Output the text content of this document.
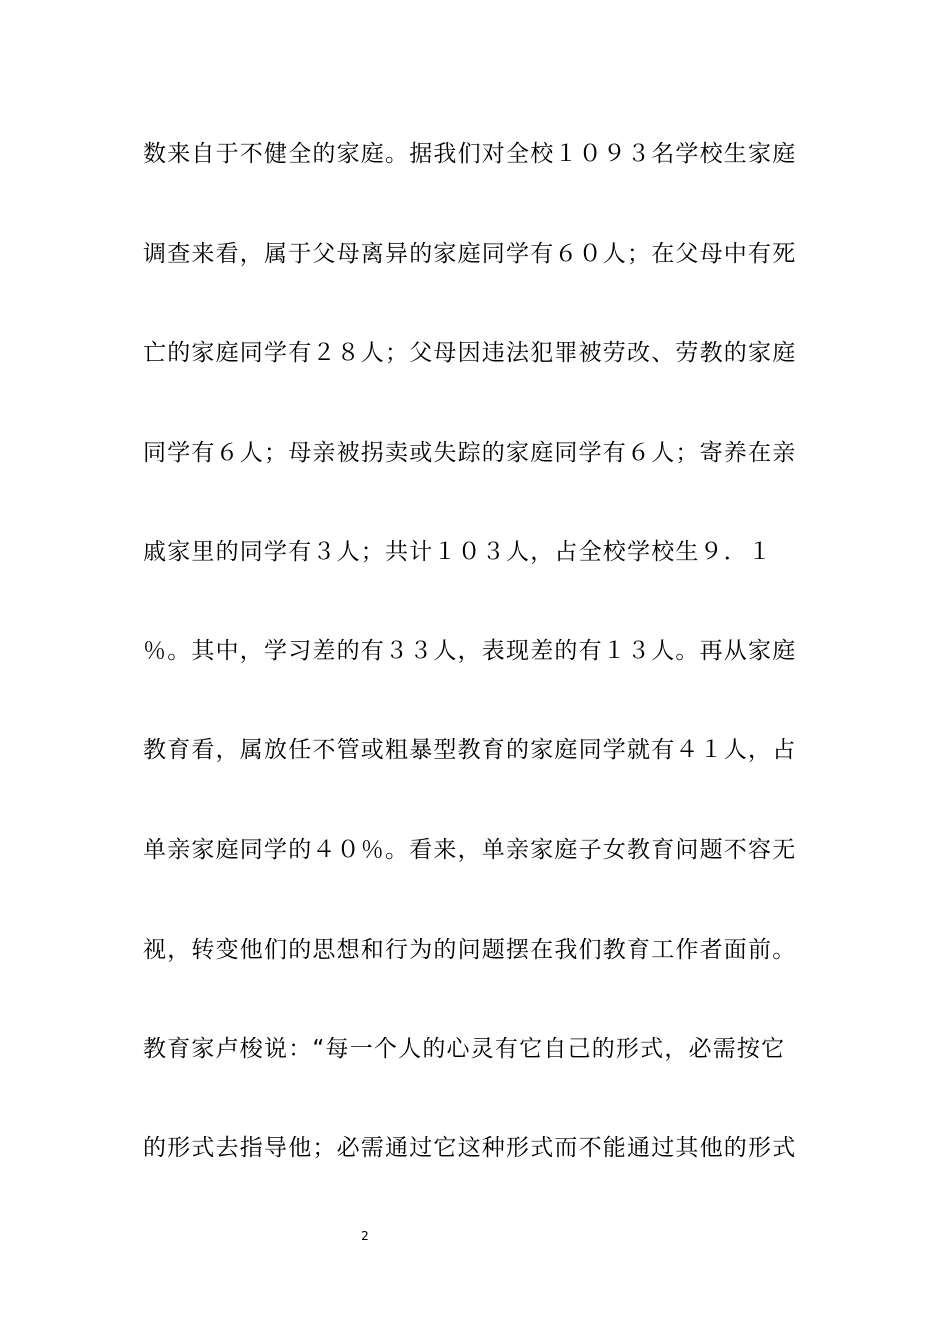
数来自于不健全的家庭。据我们对全校１０９３名学校生家庭
调查来看，属于父母离异的家庭同学有６０人；在父母中有死
亡的家庭同学有２８人；父母因违法犯罪被劳改、劳教的家庭
同学有６人；母亲被拐卖或失踪的家庭同学有６人；寄养在亲
戚家里的同学有３人；共计１０３人，占全校学校生９．１
％。其中，学习差的有３３人，表现差的有１３人。再从家庭
教育看，属放任不管或粗暴型教育的家庭同学就有４１人，占
单亲家庭同学的４０％。看来，单亲家庭子女教育问题不容无
视，转变他们的思想和行为的问题摆在我们教育工作者面前。
教育家卢梭说：“每一个人的心灵有它自己的形式，必需按它
的形式去指导他；必需通过它这种形式而不能通过其他的形式
2
